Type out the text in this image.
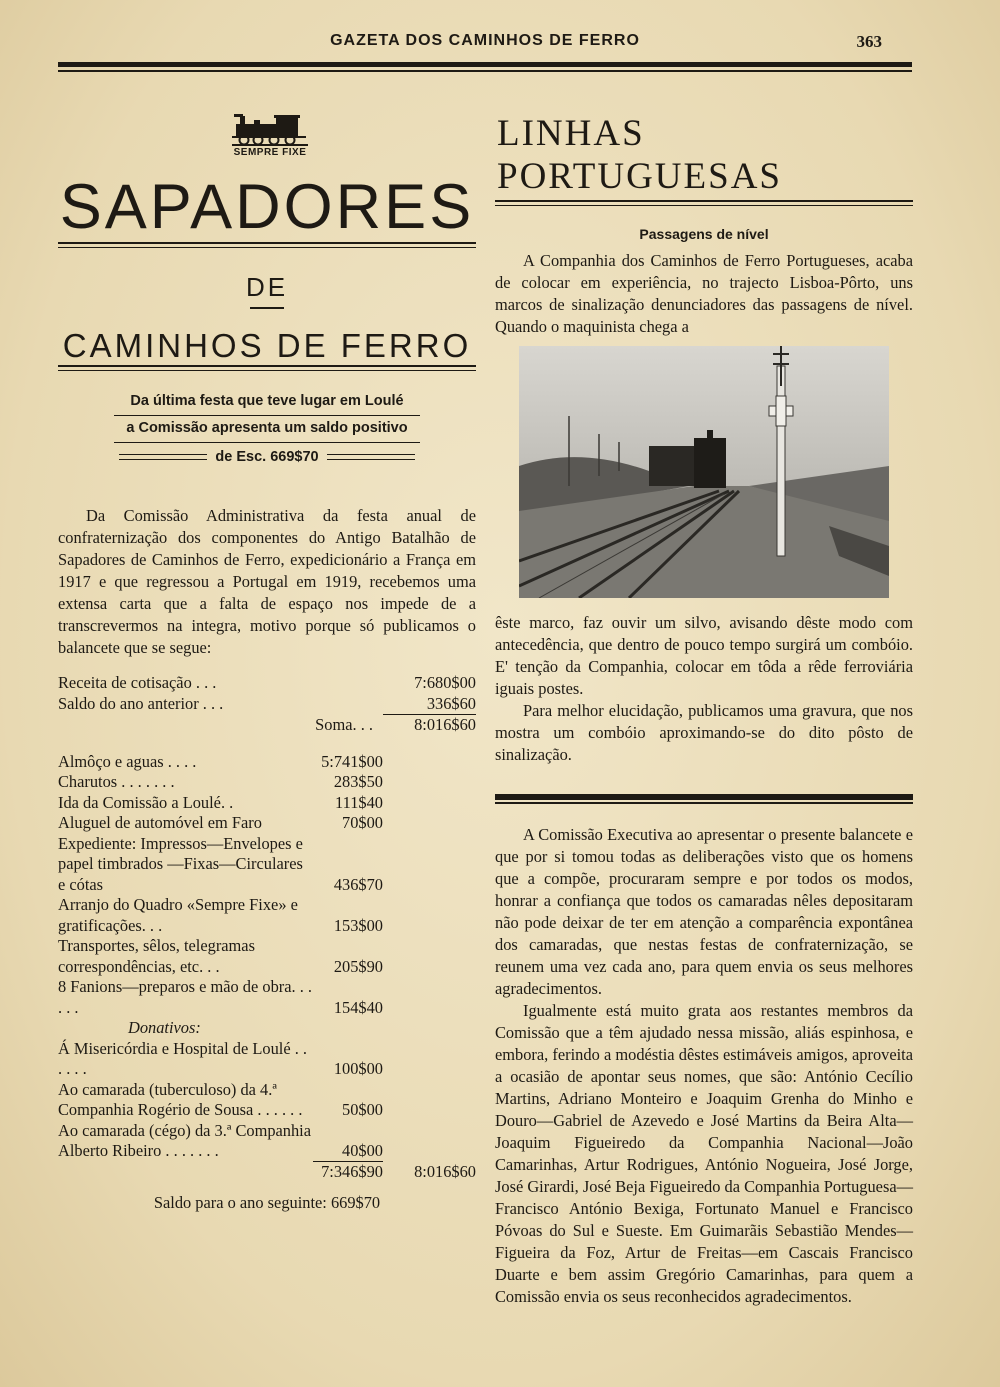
GAZETA DOS CAMINHOS DE FERRO	363
SEMPRE FIXE
SAPADORES
DE
CAMINHOS DE FERRO
Da última festa que teve lugar em Loulé
a Comissão apresenta um saldo positivo
de Esc. 669$70

Da Comissão Administrativa da festa anual de confraternização dos componentes do Antigo Batalhão de Sapadores de Caminhos de Ferro, expedicionário a França em 1917 e que regressou a Portugal em 1919, recebemos uma extensa carta que a falta de espaço nos impede de a transcrevermos na integra, motivo porque só publicamos o balancete que se segue:

Receita de cotisação . . .		7:680$00
Saldo do ano anterior . . .		336$60
Soma. . .		8:016$60

Almôço e aguas . . . .	5:741$00	
Charutos . . . . . . .	283$50	
Ida da Comissão a Loulé. .	111$40	
Aluguel de automóvel em Faro	70$00	
Expediente: Impressos—Envelopes e papel timbrados —Fixas—Circulares e cótas	436$70	
Arranjo do Quadro «Sempre Fixe» e gratificações. . .	153$00	
Transportes, sêlos, telegramas correspondências, etc. . .	205$90	
8 Fanions—preparos e mão de obra. . . . . .	154$40	
Donativos:		
Á Misericórdia e Hospital de Loulé . . . . . .	100$00	
Ao camarada (tuberculoso) da 4.ª Companhia Rogério de Sousa . . . . . .	50$00	
Ao camarada (cégo) da 3.ª Companhia Alberto Ribeiro . . . . . . .	40$00	
	7:346$90	8:016$60
Saldo para o ano seguinte: 669$70
LINHAS PORTUGUESAS
Passagens de nível

A Companhia dos Caminhos de Ferro Portugueses, acaba de colocar em experiência, no trajecto Lisboa-Pôrto, uns marcos de sinalização denunciadores das passagens de nível. Quando o maquinista chega a

êste marco, faz ouvir um silvo, avisando dêste modo com antecedência, que dentro de pouco tempo surgirá um combóio. E' tenção da Companhia, colocar em tôda a rêde ferroviária iguais postes.

Para melhor elucidação, publicamos uma gravura, que nos mostra um combóio aproximando-se do dito pôsto de sinalização.

A Comissão Executiva ao apresentar o presente balancete e que por si tomou todas as deliberações visto que os homens que a compõe, procuraram sempre e por todos os modos, honrar a confiança que todos os camaradas nêles depositaram não pode deixar de ter em atenção a comparência expontânea dos camaradas, que nestas festas de confraternização, se reunem uma vez cada ano, para quem envia os seus melhores agradecimentos.

Igualmente está muito grata aos restantes membros da Comissão que a têm ajudado nessa missão, aliás espinhosa, e embora, ferindo a modéstia dêstes estimáveis amigos, aproveita a ocasião de apontar seus nomes, que são: António Cecílio Martins, Adriano Monteiro e Joaquim Grenha do Minho e Douro—Gabriel de Azevedo e José Martins da Beira Alta—Joaquim Figueiredo da Companhia Nacional—João Camarinhas, Artur Rodrigues, António Nogueira, José Jorge, José Girardi, José Beja Figueiredo da Companhia Portuguesa—Francisco António Bexiga, Fortunato Manuel e Francisco Póvoas do Sul e Sueste. Em Guimarãis Sebastião Mendes—Figueira da Foz, Artur de Freitas—em Cascais Francisco Duarte e bem assim Gregório Camarinhas, para quem a Comissão envia os seus reconhecidos agradecimentos.
